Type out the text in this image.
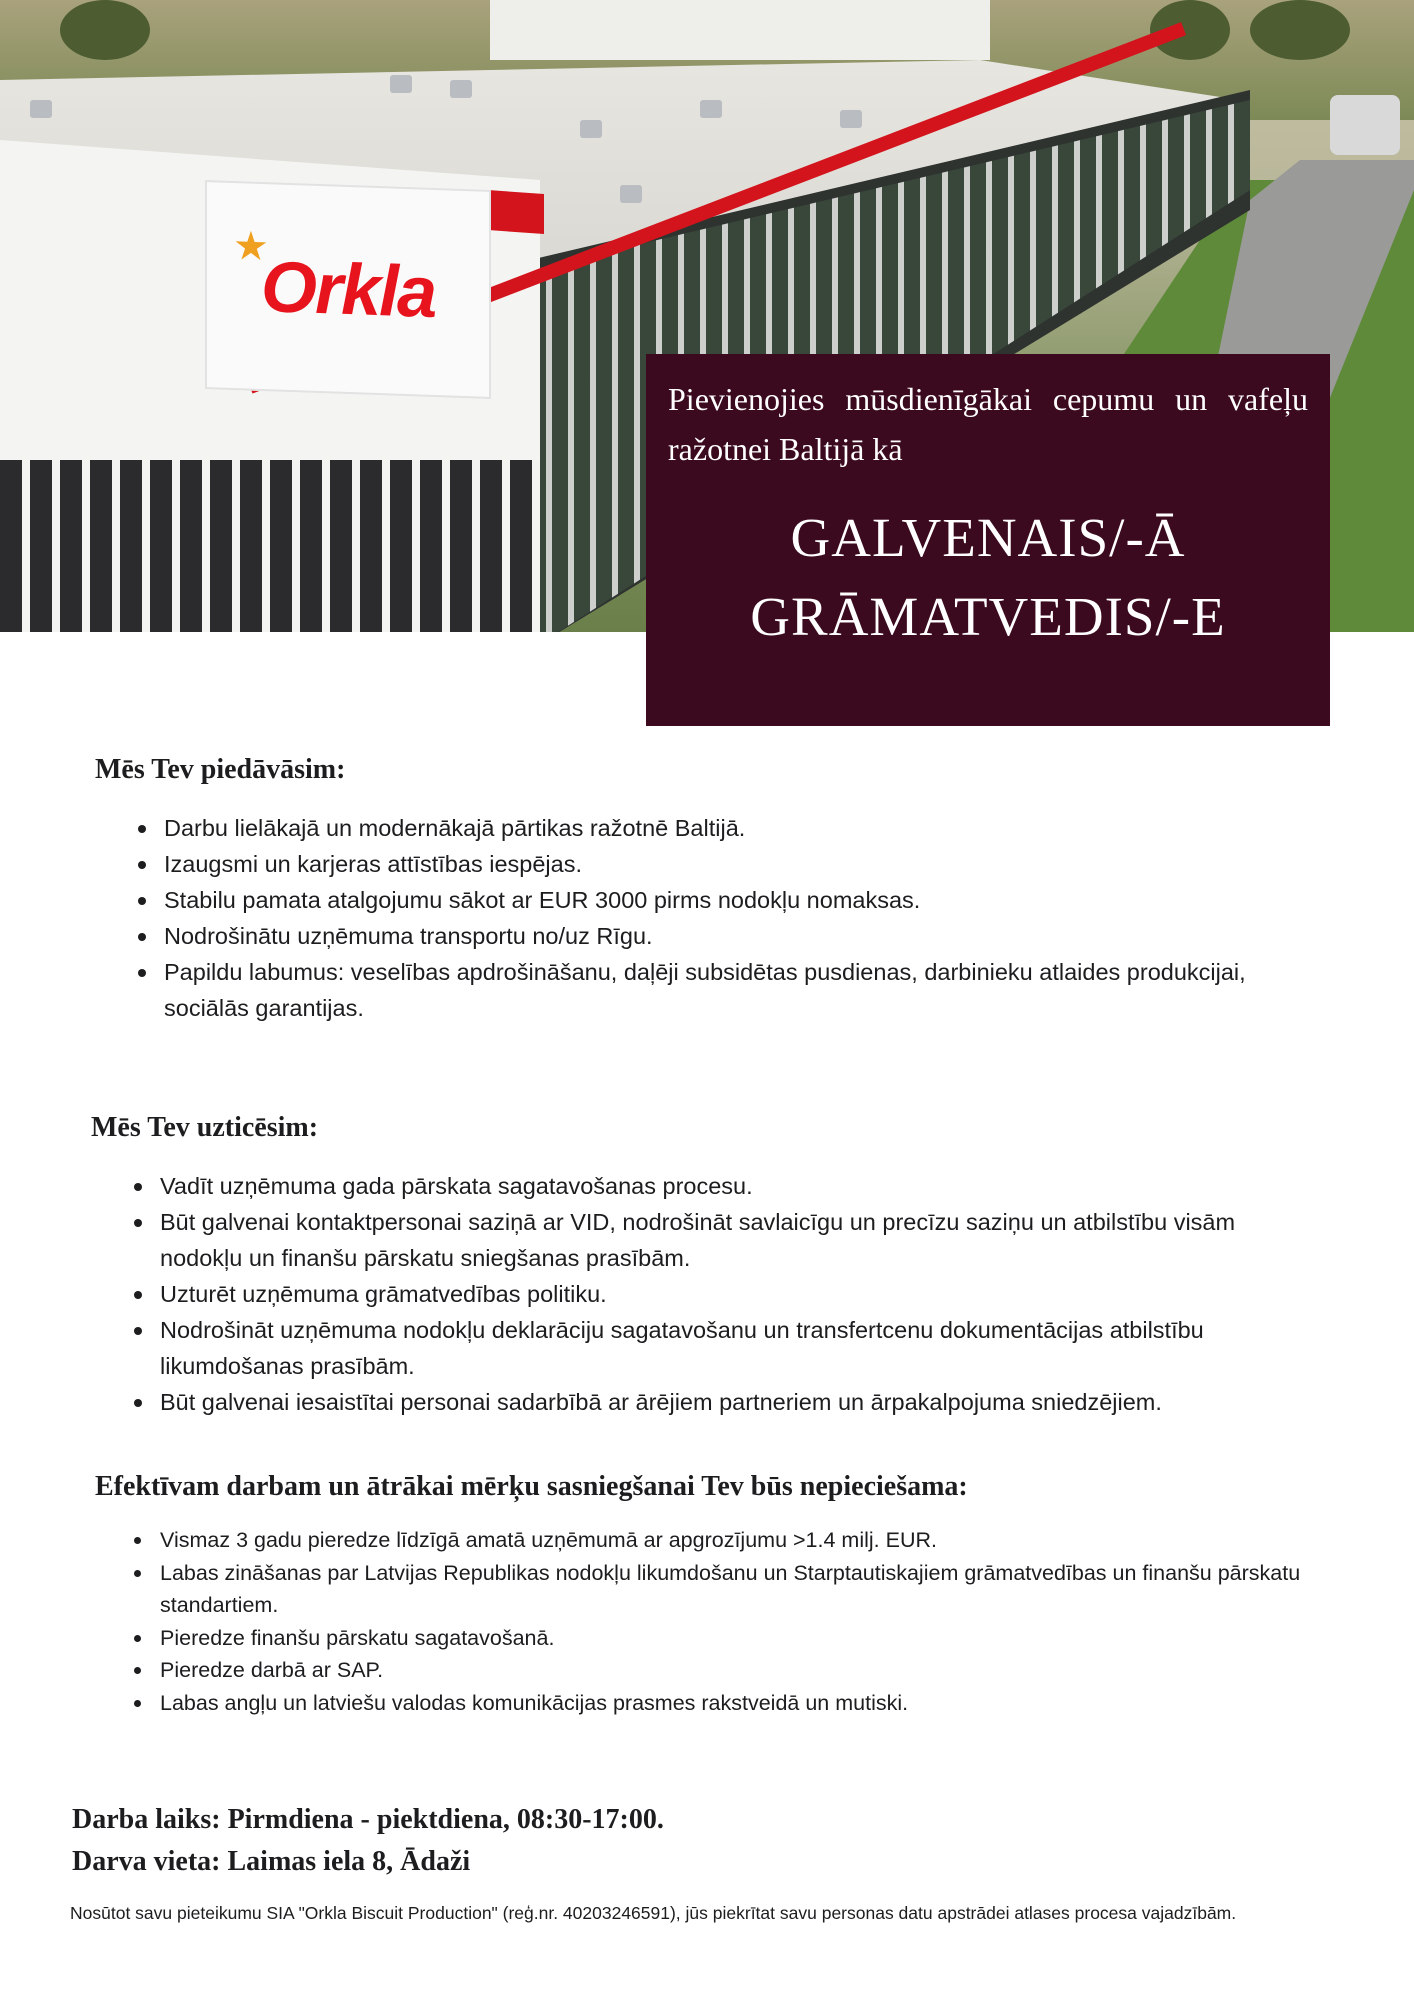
★
Orkla
Pievienojies mūsdienīgākai cepumu un vafeļu ražotnei Baltijā kā
GALVENAIS/-Ā
GRĀMATVEDIS/-E
Mēs Tev piedāvāsim:
Darbu lielākajā un modernākajā pārtikas ražotnē Baltijā.
Izaugsmi un karjeras attīstības iespējas.
Stabilu pamata atalgojumu sākot ar EUR 3000 pirms nodokļu nomaksas.
Nodrošinātu uzņēmuma transportu no/uz Rīgu.
Papildu labumus: veselības apdrošināšanu, daļēji subsidētas pusdienas, darbinieku atlaides produkcijai, sociālās garantijas.
Mēs Tev uzticēsim:
Vadīt uzņēmuma gada pārskata sagatavošanas procesu.
Būt galvenai kontaktpersonai saziņā ar VID, nodrošināt savlaicīgu un precīzu saziņu un atbilstību visām nodokļu un finanšu pārskatu sniegšanas prasībām.
Uzturēt uzņēmuma grāmatvedības politiku.
Nodrošināt uzņēmuma nodokļu deklarāciju sagatavošanu un transfertcenu dokumentācijas atbilstību likumdošanas prasībām.
Būt galvenai iesaistītai personai sadarbībā ar ārējiem partneriem un ārpakalpojuma sniedzējiem.
Efektīvam darbam un ātrākai mērķu sasniegšanai Tev būs nepieciešama:
Vismaz 3 gadu pieredze līdzīgā amatā uzņēmumā ar apgrozījumu >1.4 milj. EUR.
Labas zināšanas par Latvijas Republikas nodokļu likumdošanu un Starptautiskajiem grāmatvedības un finanšu pārskatu standartiem.
Pieredze finanšu pārskatu sagatavošanā.
Pieredze darbā ar SAP.
Labas angļu un latviešu valodas komunikācijas prasmes rakstveidā un mutiski.
Darba laiks: Pirmdiena - piektdiena, 08:30-17:00.
Darva vieta: Laimas iela 8, Ādaži
Nosūtot savu pieteikumu SIA "Orkla Biscuit Production" (reģ.nr. 40203246591), jūs piekrītat savu personas datu apstrādei atlases procesa vajadzībām.
